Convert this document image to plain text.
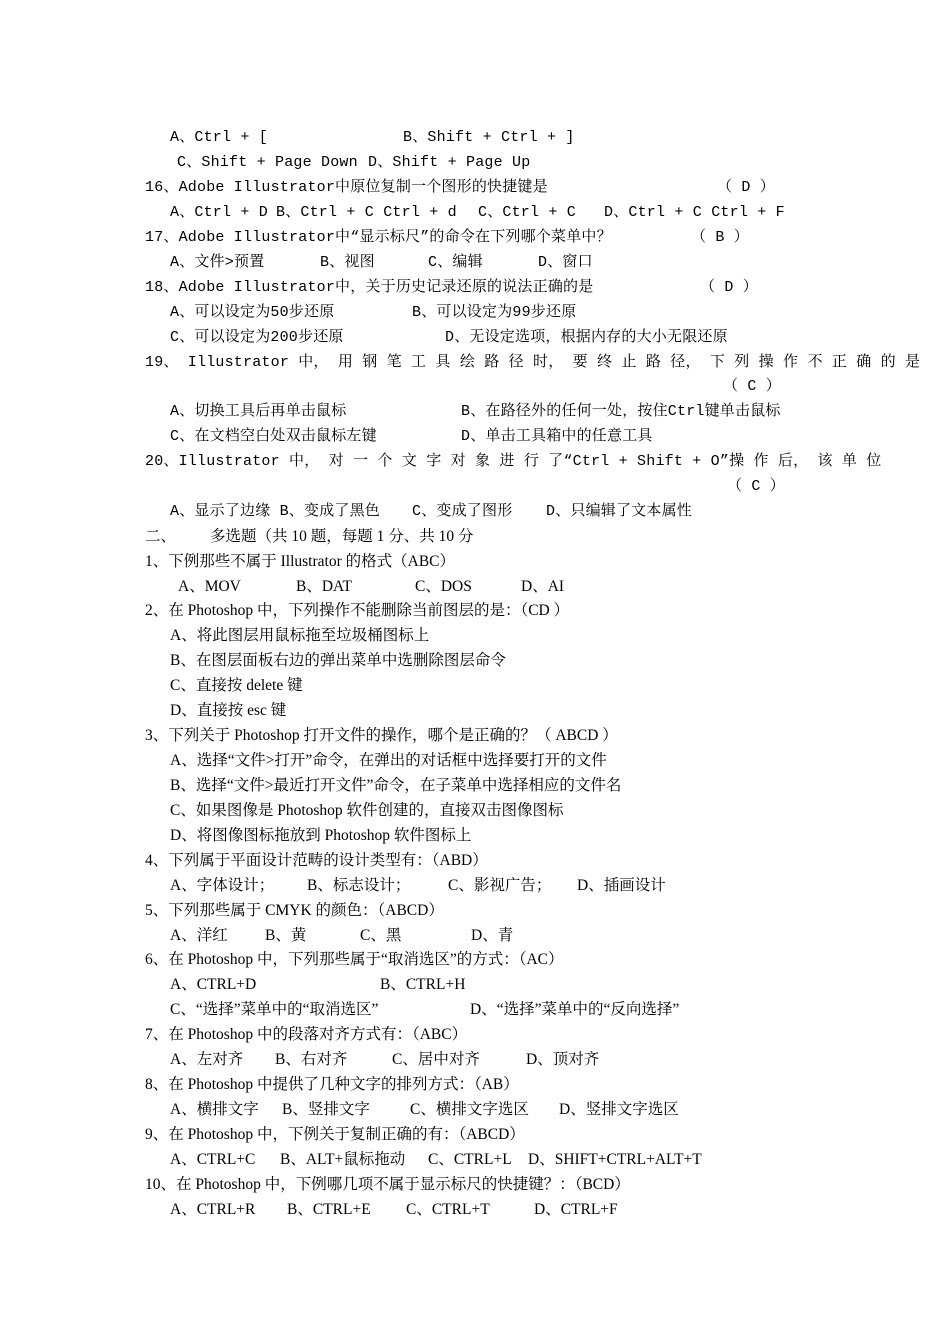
A、Ctrl + [	B、Shift + Ctrl + ]
C、Shift + Page Down D、Shift + Page Up
16、Adobe Illustrator中原位复制一个图形的快捷键是	（ D ）
A、Ctrl + D B、Ctrl + C Ctrl + d C、Ctrl + C D、Ctrl + C Ctrl + F
17、Adobe Illustrator中“显示标尺”的命令在下列哪个菜单中？	（ B ）
A、文件>预置	B、视图	C、编辑	D、窗口
18、Adobe Illustrator中，关于历史记录还原的说法正确的是	（ D ）
A、可以设定为50步还原	B、可以设定为99步还原
C、可以设定为200步还原	D、无设定选项，根据内存的大小无限还原
19、 Illustrator 中， 用 钢 笔 工 具 绘 路 径 时， 要 终 止 路 径， 下 列 操 作 不 正 确 的 是
（ C ）
A、切换工具后再单击鼠标	B、在路径外的任何一处，按住Ctrl键单击鼠标
C、在文档空白处双击鼠标左键	D、单击工具箱中的任意工具
20、Illustrator 中， 对 一 个 文 字 对 象 进 行 了“Ctrl + Shift + O”操 作 后， 该 单 位
（ C ）
A、显示了边缘 B、变成了黑色 C、变成了图形 D、只编辑了文本属性
二、 多选题（共 10 题，每题 1 分、共 10 分
1、下例那些不属于 Illustrator 的格式（ABC）
A、MOV	B、DAT	C、DOS	D、AI
2、在 Photoshop 中，下列操作不能删除当前图层的是：（CD ）
A、将此图层用鼠标拖至垃圾桶图标上
B、在图层面板右边的弹出菜单中选删除图层命令
C、直接按 delete 键
D、直接按 esc 键
3、下列关于 Photoshop 打开文件的操作，哪个是正确的？（ ABCD ）
A、选择“文件>打开”命令，在弹出的对话框中选择要打开的文件
B、选择“文件>最近打开文件”命令，在子菜单中选择相应的文件名
C、如果图像是 Photoshop 软件创建的，直接双击图像图标
D、将图像图标拖放到 Photoshop 软件图标上
4、下列属于平面设计范畴的设计类型有：（ABD）
A、字体设计； B、标志设计； C、影视广告； D、插画设计
5、下列那些属于 CMYK 的颜色：（ABCD）
A、洋红 B、黄	C、黑	D、青
6、在 Photoshop 中，下列那些属于“取消选区”的方式：（AC）
A、CTRL+D	B、CTRL+H
C、“选择”菜单中的“取消选区”	D、“选择”菜单中的“反向选择”
7、在 Photoshop 中的段落对齐方式有：（ABC）
A、左对齐 B、右对齐	C、居中对齐	D、顶对齐
8、在 Photoshop 中提供了几种文字的排列方式：（AB）
A、横排文字 B、竖排文字	C、横排文字选区 D、竖排文字选区
9、在 Photoshop 中，下例关于复制正确的有：（ABCD）
A、CTRL+C B、ALT+鼠标拖动 C、CTRL+L D、SHIFT+CTRL+ALT+T
10、在 Photoshop 中，下例哪几项不属于显示标尺的快捷键？：（BCD）
A、CTRL+R B、CTRL+E C、CTRL+T	D、CTRL+F
